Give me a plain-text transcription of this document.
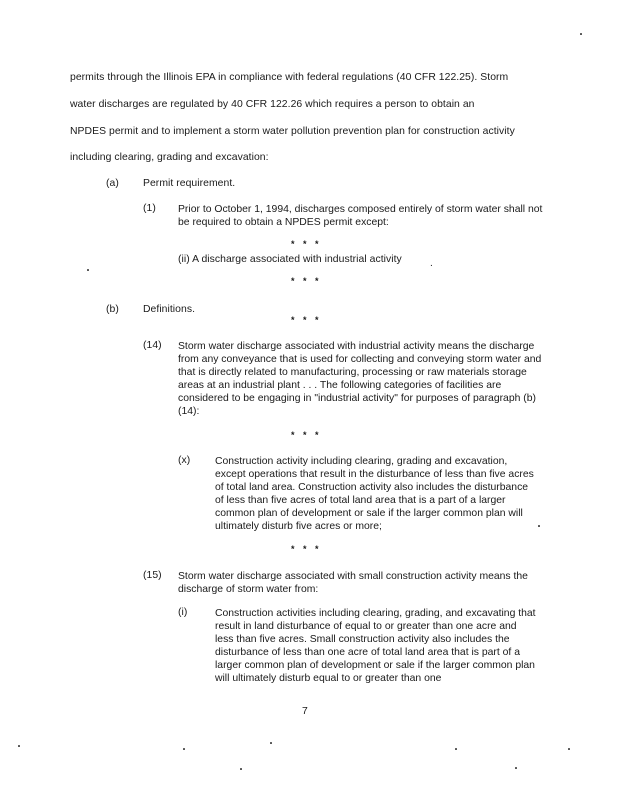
permits through the Illinois EPA in compliance with federal regulations (40 CFR 122.25). Storm

water discharges are regulated by 40 CFR 122.26 which requires a person to obtain an

NPDES permit and to implement a storm water pollution prevention plan for construction activity

including clearing, grading and excavation:

(a) Permit requirement.

(1) Prior to October 1, 1994, discharges composed entirely of storm water shall not be required to obtain a NPDES permit except:

* * *

(ii) A discharge associated with industrial activity	.

* * *

(b) Definitions.

* * *

(14) Storm water discharge associated with industrial activity means the discharge from any conveyance that is used for collecting and conveying storm water and that is directly related to manufacturing, processing or raw materials storage areas at an industrial plant . . . The following categories of facilities are considered to be engaging in "industrial activity" for purposes of paragraph (b)(14):

* * *

(x) Construction activity including clearing, grading and excavation, except operations that result in the disturbance of less than five acres of total land area. Construction activity also includes the disturbance of less than five acres of total land area that is a part of a larger common plan of development or sale if the larger common plan will ultimately disturb five acres or more;

* * *

(15) Storm water discharge associated with small construction activity means the discharge of storm water from:

(i)	Construction activities including clearing, grading, and excavating that result in land disturbance of equal to or greater than one acre and less than five acres. Small construction activity also includes the disturbance of less than one acre of total land area that is part of a larger common plan of development or sale if the larger common plan will ultimately disturb equal to or greater than one

7
